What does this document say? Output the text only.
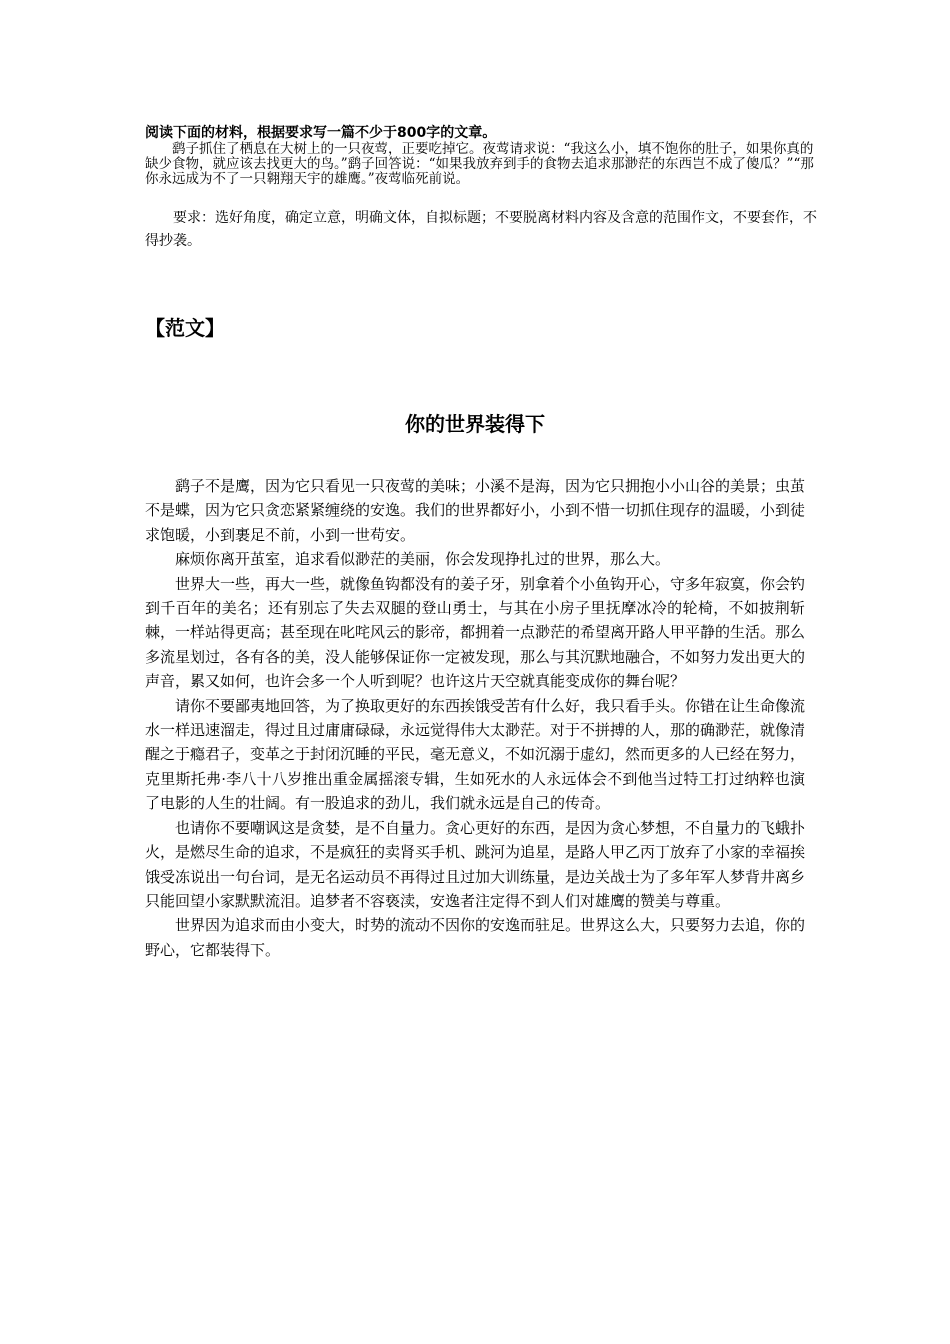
阅读下面的材料，根据要求写一篇不少于800字的文章。

鹞子抓住了栖息在大树上的一只夜莺，正要吃掉它。夜莺请求说：“我这么小，填不饱你的肚子，如果你真的缺少食物，就应该去找更大的鸟。”鹞子回答说：“如果我放弃到手的食物去追求那渺茫的东西岂不成了傻瓜？”“那你永远成为不了一只翱翔天宇的雄鹰。”夜莺临死前说。

要求：选好角度，确定立意，明确文体，自拟标题；不要脱离材料内容及含意的范围作文，不要套作，不得抄袭。

【范文】
你的世界装得下

鹞子不是鹰，因为它只看见一只夜莺的美味；小溪不是海，因为它只拥抱小小山谷的美景；虫茧不是蝶，因为它只贪恋紧紧缠绕的安逸。我们的世界都好小，小到不惜一切抓住现存的温暖，小到徒求饱暖，小到裹足不前，小到一世苟安。

麻烦你离开茧室，追求看似渺茫的美丽，你会发现挣扎过的世界，那么大。

世界大一些，再大一些，就像鱼钩都没有的姜子牙，别拿着个小鱼钩开心，守多年寂寞，你会钓到千百年的美名；还有别忘了失去双腿的登山勇士，与其在小房子里抚摩冰冷的轮椅，不如披荆斩棘，一样站得更高；甚至现在叱咤风云的影帝，都拥着一点渺茫的希望离开路人甲平静的生活。那么多流星划过，各有各的美，没人能够保证你一定被发现，那么与其沉默地融合，不如努力发出更大的声音，累又如何，也许会多一个人听到呢？也许这片天空就真能变成你的舞台呢？

请你不要鄙夷地回答，为了换取更好的东西挨饿受苦有什么好，我只看手头。你错在让生命像流水一样迅速溜走，得过且过庸庸碌碌，永远觉得伟大太渺茫。对于不拼搏的人，那的确渺茫，就像清醒之于瘾君子，变革之于封闭沉睡的平民，毫无意义，不如沉溺于虚幻，然而更多的人已经在努力，克里斯托弗·李八十八岁推出重金属摇滚专辑，生如死水的人永远体会不到他当过特工打过纳粹也演了电影的人生的壮阔。有一股追求的劲儿，我们就永远是自己的传奇。

也请你不要嘲讽这是贪婪，是不自量力。贪心更好的东西，是因为贪心梦想，不自量力的飞蛾扑火，是燃尽生命的追求，不是疯狂的卖肾买手机、跳河为追星，是路人甲乙丙丁放弃了小家的幸福挨饿受冻说出一句台词，是无名运动员不再得过且过加大训练量，是边关战士为了多年军人梦背井离乡只能回望小家默默流泪。追梦者不容亵渎，安逸者注定得不到人们对雄鹰的赞美与尊重。

世界因为追求而由小变大，时势的流动不因你的安逸而驻足。世界这么大，只要努力去追，你的野心，它都装得下。
